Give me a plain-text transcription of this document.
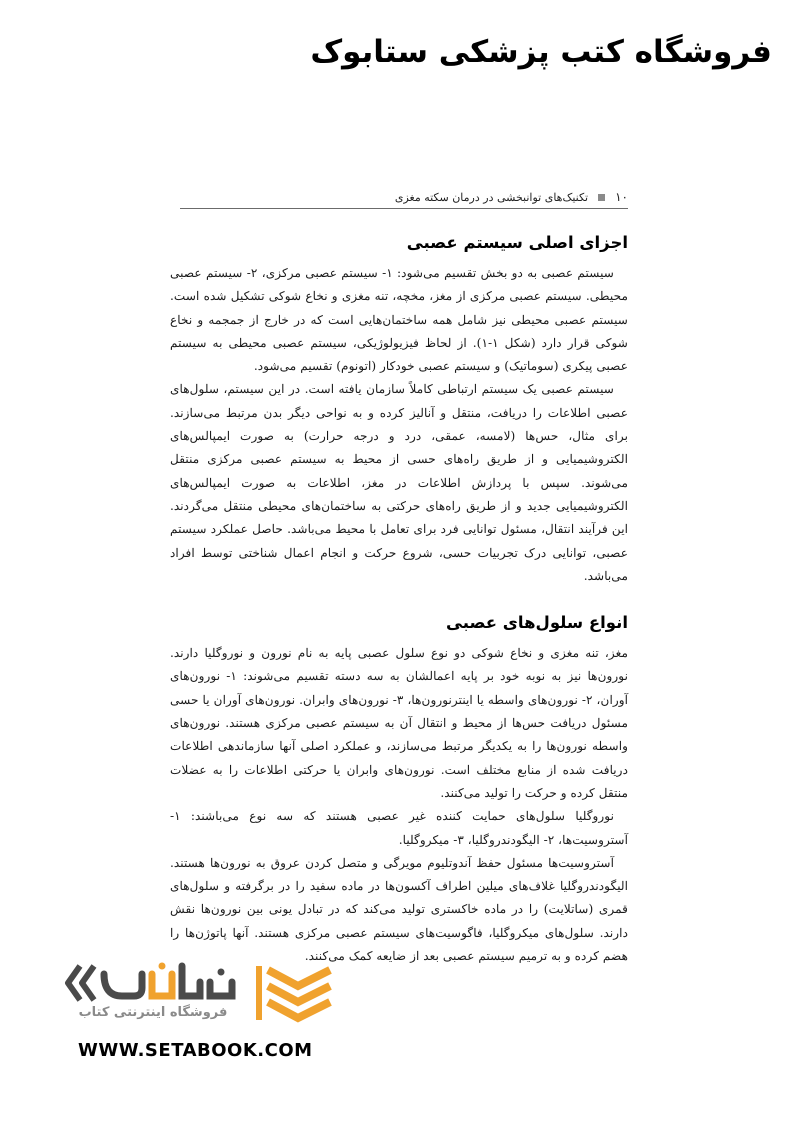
فروشگاه کتب پزشکی ستابوک
۱۰
تکنیک‌های توانبخشی در درمان سکته مغزی
اجزای اصلی سیستم عصبی

سیستم عصبی به دو بخش تقسیم می‌شود: ۱- سیستم عصبی مرکزی، ۲- سیستم عصبی محیطی. سیستم عصبی مرکزی از مغز، مخچه، تنه مغزی و نخاع شوکی تشکیل شده است. سیستم عصبی محیطی نیز شامل همه ساختمان‌هایی است که در خارج از جمجمه و نخاع شوکی قرار دارد (شکل ۱-۱). از لحاظ فیزیولوژیکی، سیستم عصبی محیطی به سیستم عصبی پیکری (سوماتیک) و سیستم عصبی خودکار (اتونوم) تقسیم می‌شود.

سیستم عصبی یک سیستم ارتباطی کاملاً سازمان یافته است. در این سیستم، سلول‌های عصبی اطلاعات را دریافت، منتقل و آنالیز کرده و به نواحی دیگر بدن مرتبط می‌سازند. برای مثال، حس‌ها (لامسه، عمقی، درد و درجه حرارت) به صورت ایمپالس‌های الکتروشیمیایی و از طریق راه‌های حسی از محیط به سیستم عصبی مرکزی منتقل می‌شوند. سپس با پردازش اطلاعات در مغز، اطلاعات به صورت ایمپالس‌های الکتروشیمیایی جدید و از طریق راه‌های حرکتی به ساختمان‌های محیطی منتقل می‌گردند. این فرآیند انتقال، مسئول توانایی فرد برای تعامل با محیط می‌باشد. حاصل عملکرد سیستم عصبی، توانایی درک تجربیات حسی، شروع حرکت و انجام اعمال شناختی توسط افراد می‌باشد.

انواع سلول‌های عصبی

مغز، تنه مغزی و نخاع شوکی دو نوع سلول عصبی پایه به نام نورون و نوروگلیا دارند. نورون‌ها نیز به نوبه خود بر پایه اعمالشان به سه دسته تقسیم می‌شوند: ۱- نورون‌های آوران، ۲- نورون‌های واسطه یا اینترنورون‌ها، ۳- نورون‌های وابران. نورون‌های آوران یا حسی مسئول دریافت حس‌ها از محیط و انتقال آن به سیستم عصبی مرکزی هستند. نورون‌های واسطه نورون‌ها را به یکدیگر مرتبط می‌سازند، و عملکرد اصلی آنها سازماندهی اطلاعات دریافت شده از منابع مختلف است. نورون‌های وابران یا حرکتی اطلاعات را به عضلات منتقل کرده و حرکت را تولید می‌کنند.

نوروگلیا سلول‌های حمایت کننده غیر عصبی هستند که سه نوع می‌باشند: ۱- آستروسیت‌ها، ۲- الیگودندروگلیا، ۳- میکروگلیا.

آستروسیت‌ها مسئول حفظ آندوتلیوم مویرگی و متصل کردن عروق به نورون‌ها هستند. الیگودندروگلیا غلاف‌های میلین اطراف آکسون‌ها در ماده سفید را در برگرفته و سلول‌های قمری (ساتلایت) را در ماده خاکستری تولید می‌کند که در تبادل یونی بین نورون‌ها نقش دارند. سلول‌های میکروگلیا، فاگوسیت‌های سیستم عصبی مرکزی هستند. آنها پاتوژن‌ها را هضم کرده و به ترمیم سیستم عصبی بعد از ضایعه کمک می‌کنند.

فروشگاه اینترنتی کتاب
WWW.SETABOOK.COM
